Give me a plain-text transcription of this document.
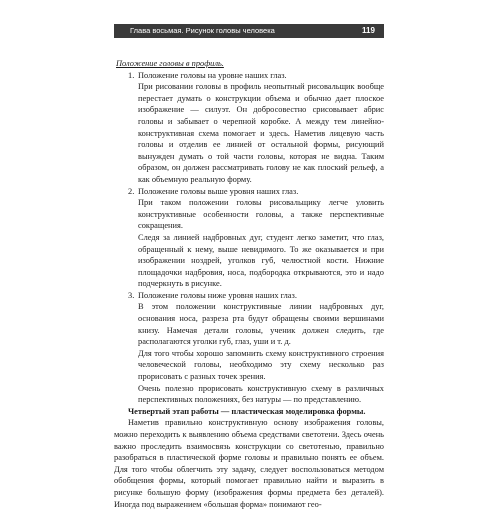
Глава восьмая. Рисунок головы человека	119

Положение головы в профиль.

1. Положение головы на уровне наших глаз.

При рисовании головы в профиль неопытный рисовальщик вообще перестает думать о конструкции объема и обычно дает плоское изображение — силуэт. Он добросовестно срисовывает абрис головы и забывает о черепной коробке. А между тем линейно-конструктивная схема помогает и здесь. Наметив лицевую часть головы и отделив ее линией от остальной формы, рисующий вынужден думать о той части головы, которая не видна. Таким образом, он должен рассматривать голову не как плоский рельеф, а как объемную реальную форму.

2. Положение головы выше уровня наших глаз.

При таком положении головы рисовальщику легче уловить конструктивные особенности головы, а также перспективные сокращения.

Следя за линией надбровных дуг, студент легко заметит, что глаз, обращенный к нему, выше невидимого. То же оказывается и при изображении ноздрей, уголков губ, челюстной кости. Нижние площадочки надбровия, носа, подбородка открываются, это и надо подчеркнуть в рисунке.

3. Положение головы ниже уровня наших глаз.

В этом положении конструктивные линии надбровных дуг, основания носа, разреза рта будут обращены своими вершинами книзу. Намечая детали головы, ученик должен следить, где располагаются уголки губ, глаз, уши и т. д.

Для того чтобы хорошо запомнить схему конструктивного строения человеческой головы, необходимо эту схему несколько раз прорисовать с разных точек зрения.

Очень полезно прорисовать конструктивную схему в различных перспективных положениях, без натуры — по представлению.

Четвертый этап работы — пластическая моделировка формы.

Наметив правильно конструктивную основу изображения головы, можно переходить к выявлению объема средствами светотени. Здесь очень важно проследить взаимосвязь конструкции со светотенью, правильно разобраться в пластической форме головы и правильно понять ее объем. Для того чтобы облегчить эту задачу, следует воспользоваться методом обобщения формы, который помогает правильно найти и выразить в рисунке большую форму (изображения формы предмета без деталей). Иногда под выражением «большая форма» понимают гео-
